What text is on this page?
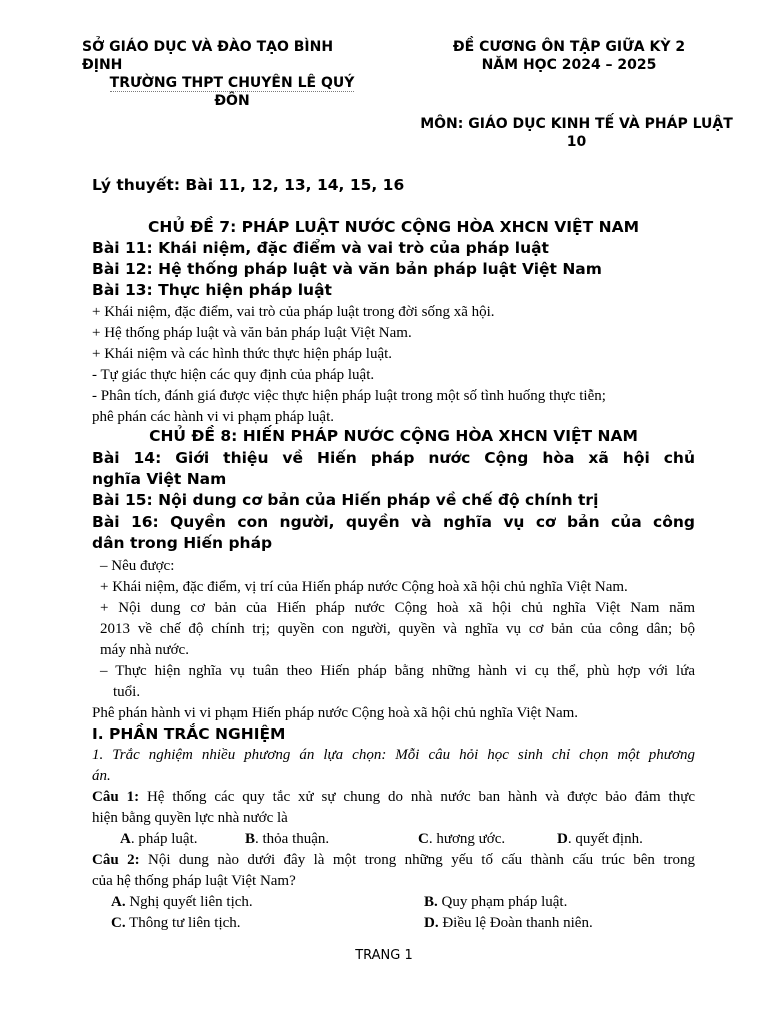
SỞ GIÁO DỤC VÀ ĐÀO TẠO BÌNH
ĐỊNH
TRƯỜNG THPT CHUYÊN LÊ QUÝ
ĐÔN
ĐỀ CƯƠNG ÔN TẬP GIỮA KỲ 2
NĂM HỌC 2024 – 2025
MÔN: GIÁO DỤC KINH TẾ VÀ PHÁP LUẬT
10
Lý thuyết: Bài 11, 12, 13, 14, 15, 16
CHỦ ĐỀ 7: PHÁP LUẬT NƯỚC CỘNG HÒA XHCN VIỆT NAM
Bài 11: Khái niệm, đặc điểm và vai trò của pháp luật
Bài 12: Hệ thống pháp luật và văn bản pháp luật Việt Nam
Bài 13: Thực hiện pháp luật
+ Khái niệm, đặc điểm, vai trò của pháp luật trong đời sống xã hội.
+ Hệ thống pháp luật và văn bản pháp luật Việt Nam.
+ Khái niệm và các hình thức thực hiện pháp luật.
- Tự giác thực hiện các quy định của pháp luật.
- Phân tích, đánh giá được việc thực hiện pháp luật trong một số tình huống thực tiễn;
phê phán các hành vi vi phạm pháp luật.
CHỦ ĐỀ 8: HIẾN PHÁP NƯỚC CỘNG HÒA XHCN VIỆT NAM
Bài 14: Giới thiệu về Hiến pháp nước Cộng hòa xã hội chủ
nghĩa Việt Nam
Bài 15: Nội dung cơ bản của Hiến pháp về chế độ chính trị
Bài 16: Quyền con người, quyền và nghĩa vụ cơ bản của công
dân trong Hiến pháp
– Nêu được:
+ Khái niệm, đặc điểm, vị trí của Hiến pháp nước Cộng hoà xã hội chủ nghĩa Việt Nam.
+ Nội dung cơ bản của Hiến pháp nước Cộng hoà xã hội chủ nghĩa Việt Nam năm
2013 về chế độ chính trị; quyền con người, quyền và nghĩa vụ cơ bản của công dân; bộ
máy nhà nước.
– Thực hiện nghĩa vụ tuân theo Hiến pháp bằng những hành vi cụ thể, phù hợp với lứa
tuổi.
Phê phán hành vi vi phạm Hiến pháp nước Cộng hoà xã hội chủ nghĩa Việt Nam.
I. PHẦN TRẮC NGHIỆM
1. Trắc nghiệm nhiều phương án lựa chọn: Mỗi câu hỏi học sinh chỉ chọn một phương
án.
Câu 1: Hệ thống các quy tắc xử sự chung do nhà nước ban hành và được bảo đảm thực
hiện bằng quyền lực nhà nước là
A. pháp luật.	B. thỏa thuận.	C. hương ước.	D. quyết định.
Câu 2: Nội dung nào dưới đây là một trong những yếu tố cấu thành cấu trúc bên trong
của hệ thống pháp luật Việt Nam?
A. Nghị quyết liên tịch.	B. Quy phạm pháp luật.
C. Thông tư liên tịch.	D. Điều lệ Đoàn thanh niên.
TRANG 1
